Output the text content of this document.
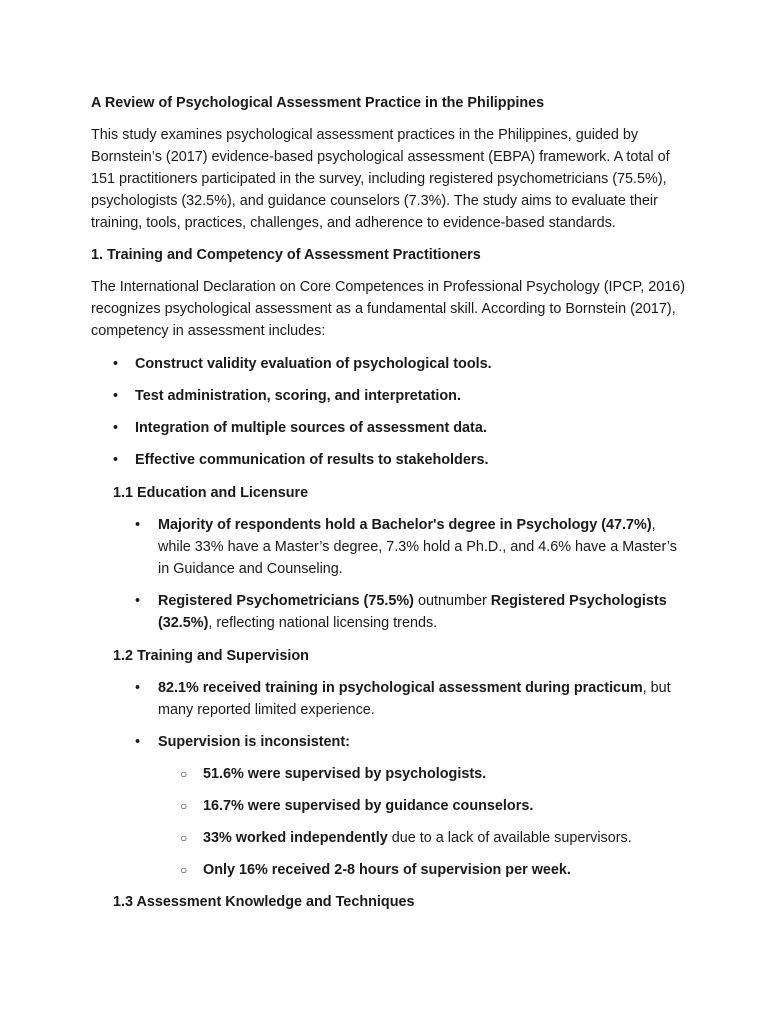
A Review of Psychological Assessment Practice in the Philippines
This study examines psychological assessment practices in the Philippines, guided by Bornstein’s (2017) evidence-based psychological assessment (EBPA) framework. A total of 151 practitioners participated in the survey, including registered psychometricians (75.5%), psychologists (32.5%), and guidance counselors (7.3%). The study aims to evaluate their training, tools, practices, challenges, and adherence to evidence-based standards.
1. Training and Competency of Assessment Practitioners
The International Declaration on Core Competences in Professional Psychology (IPCP, 2016) recognizes psychological assessment as a fundamental skill. According to Bornstein (2017), competency in assessment includes:
• Construct validity evaluation of psychological tools.
• Test administration, scoring, and interpretation.
• Integration of multiple sources of assessment data.
• Effective communication of results to stakeholders.
1.1 Education and Licensure
• Majority of respondents hold a Bachelor's degree in Psychology (47.7%), while 33% have a Master’s degree, 7.3% hold a Ph.D., and 4.6% have a Master’s in Guidance and Counseling.
• Registered Psychometricians (75.5%) outnumber Registered Psychologists (32.5%), reflecting national licensing trends.
1.2 Training and Supervision
• 82.1% received training in psychological assessment during practicum, but many reported limited experience.
• Supervision is inconsistent:
○ 51.6% were supervised by psychologists.
○ 16.7% were supervised by guidance counselors.
○ 33% worked independently due to a lack of available supervisors.
○ Only 16% received 2-8 hours of supervision per week.
1.3 Assessment Knowledge and Techniques
